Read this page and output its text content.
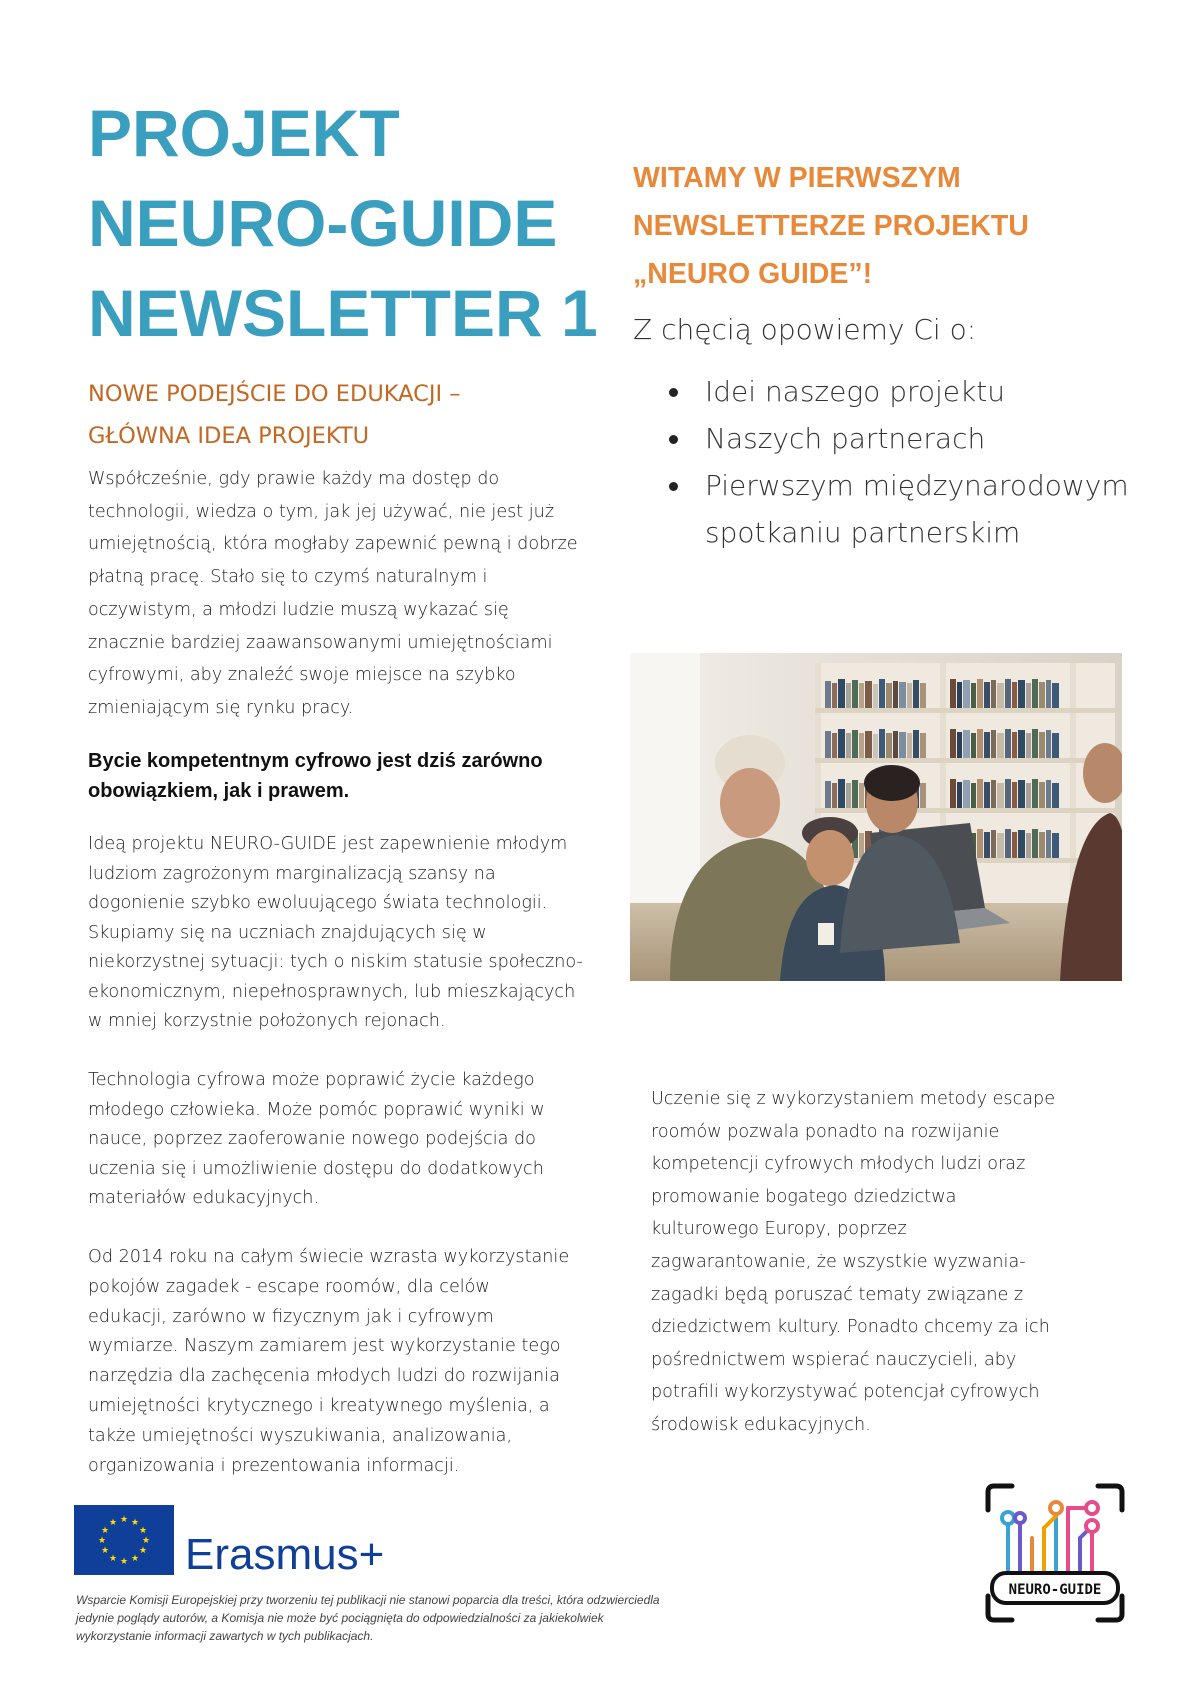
PROJEKT
NEURO-GUIDE
NEWSLETTER 1
NOWE PODEJŚCIE DO EDUKACJI –
GŁÓWNA IDEA PROJEKTU
Współcześnie, gdy prawie każdy ma dostęp do
technologii, wiedza o tym, jak jej używać, nie jest już
umiejętnością, która mogłaby zapewnić pewną i dobrze
płatną pracę. Stało się to czymś naturalnym i
oczywistym, a młodzi ludzie muszą wykazać się
znacznie bardziej zaawansowanymi umiejętnościami
cyfrowymi, aby znaleźć swoje miejsce na szybko
zmieniającym się rynku pracy.
Bycie kompetentnym cyfrowo jest dziś zarówno
obowiązkiem, jak i prawem.
Ideą projektu NEURO-GUIDE jest zapewnienie młodym
ludziom zagrożonym marginalizacją szansy na
dogonienie szybko ewoluującego świata technologii.
Skupiamy się na uczniach znajdujących się w
niekorzystnej sytuacji: tych o niskim statusie społeczno-
ekonomicznym, niepełnosprawnych, lub mieszkających
w mniej korzystnie położonych rejonach.
Technologia cyfrowa może poprawić życie każdego
młodego człowieka. Może pomóc poprawić wyniki w
nauce, poprzez zaoferowanie nowego podejścia do
uczenia się i umożliwienie dostępu do dodatkowych
materiałów edukacyjnych.
Od 2014 roku na całym świecie wzrasta wykorzystanie
pokojów zagadek - escape roomów, dla celów
edukacji, zarówno w fizycznym jak i cyfrowym
wymiarze. Naszym zamiarem jest wykorzystanie tego
narzędzia dla zachęcenia młodych ludzi do rozwijania
umiejętności krytycznego i kreatywnego myślenia, a
także umiejętności wyszukiwania, analizowania,
organizowania i prezentowania informacji.
WITAMY W PIERWSZYM
NEWSLETTERZE PROJEKTU
„NEURO GUIDE”!
Z chęcią opowiemy Ci o:
Idei naszego projektu
Naszych partnerach
Pierwszym międzynarodowym
spotkaniu partnerskim
Uczenie się z wykorzystaniem metody escape
roomów pozwala ponadto na rozwijanie
kompetencji cyfrowych młodych ludzi oraz
promowanie bogatego dziedzictwa
kulturowego Europy, poprzez
zagwarantowanie, że wszystkie wyzwania-
zagadki będą poruszać tematy związane z
dziedzictwem kultury. Ponadto chcemy za ich
pośrednictwem wspierać nauczycieli, aby
potrafili wykorzystywać potencjał cyfrowych
środowisk edukacyjnych.
★ ★
★
★
★
★
★
★
★
★
★
★
Erasmus+
Wsparcie Komisji Europejskiej przy tworzeniu tej publikacji nie stanowi poparcia dla treści, która odzwierciedla
jedynie poglądy autorów, a Komisja nie może być pociągnięta do odpowiedzialności za jakiekolwiek
wykorzystanie informacji zawartych w tych publikacjach.
NEURO-GUIDE
